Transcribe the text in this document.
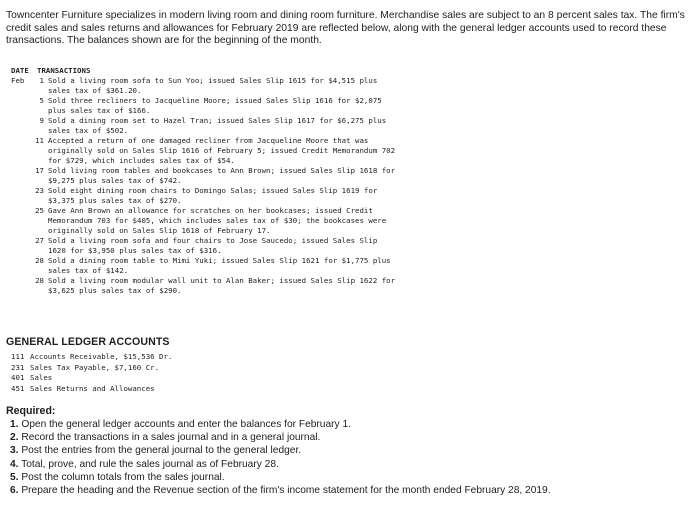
Towncenter Furniture specializes in modern living room and dining room furniture. Merchandise sales are subject to an 8 percent sales tax. The firm's credit sales and sales returns and allowances for February 2019 are reflected below, along with the general ledger accounts used to record these transactions. The balances shown are for the beginning of the month.

DATE	TRANSACTIONS
Feb	1 Sold a living room sofa to Sun Yoo; issued Sales Slip 1615 for $4,515 plus
sales tax of $361.20.
5 Sold three recliners to Jacqueline Moore; issued Sales Slip 1616 for $2,075
plus sales tax of $166.
9 Sold a dining room set to Hazel Tran; issued Sales Slip 1617 for $6,275 plus
sales tax of $502.
11 Accepted a return of one damaged recliner from Jacqueline Moore that was
originally sold on Sales Slip 1616 of February 5; issued Credit Memorandum 702
for $729, which includes sales tax of $54.
17 Sold living room tables and bookcases to Ann Brown; issued Sales Slip 1618 for
$9,275 plus sales tax of $742.
23 Sold eight dining room chairs to Domingo Salas; issued Sales Slip 1619 for
$3,375 plus sales tax of $270.
25 Gave Ann Brown an allowance for scratches on her bookcases; issued Credit
Memorandum 703 for $405, which includes sales tax of $30; the bookcases were
originally sold on Sales Slip 1618 of February 17.
27 Sold a living room sofa and four chairs to Jose Saucedo; issued Sales Slip
1620 for $3,950 plus sales tax of $316.
28 Sold a dining room table to Mimi Yuki; issued Sales Slip 1621 for $1,775 plus
sales tax of $142.
28 Sold a living room modular wall unit to Alan Baker; issued Sales Slip 1622 for
$3,625 plus sales tax of $290.
GENERAL LEDGER ACCOUNTS
111 Accounts Receivable, $15,536 Dr.
231 Sales Tax Payable, $7,160 Cr.
401 Sales
451 Sales Returns and Allowances
Required:
1. Open the general ledger accounts and enter the balances for February 1.
2. Record the transactions in a sales journal and in a general journal.
3. Post the entries from the general journal to the general ledger.
4. Total, prove, and rule the sales journal as of February 28.
5. Post the column totals from the sales journal.
6. Prepare the heading and the Revenue section of the firm's income statement for the month ended February 28, 2019.
